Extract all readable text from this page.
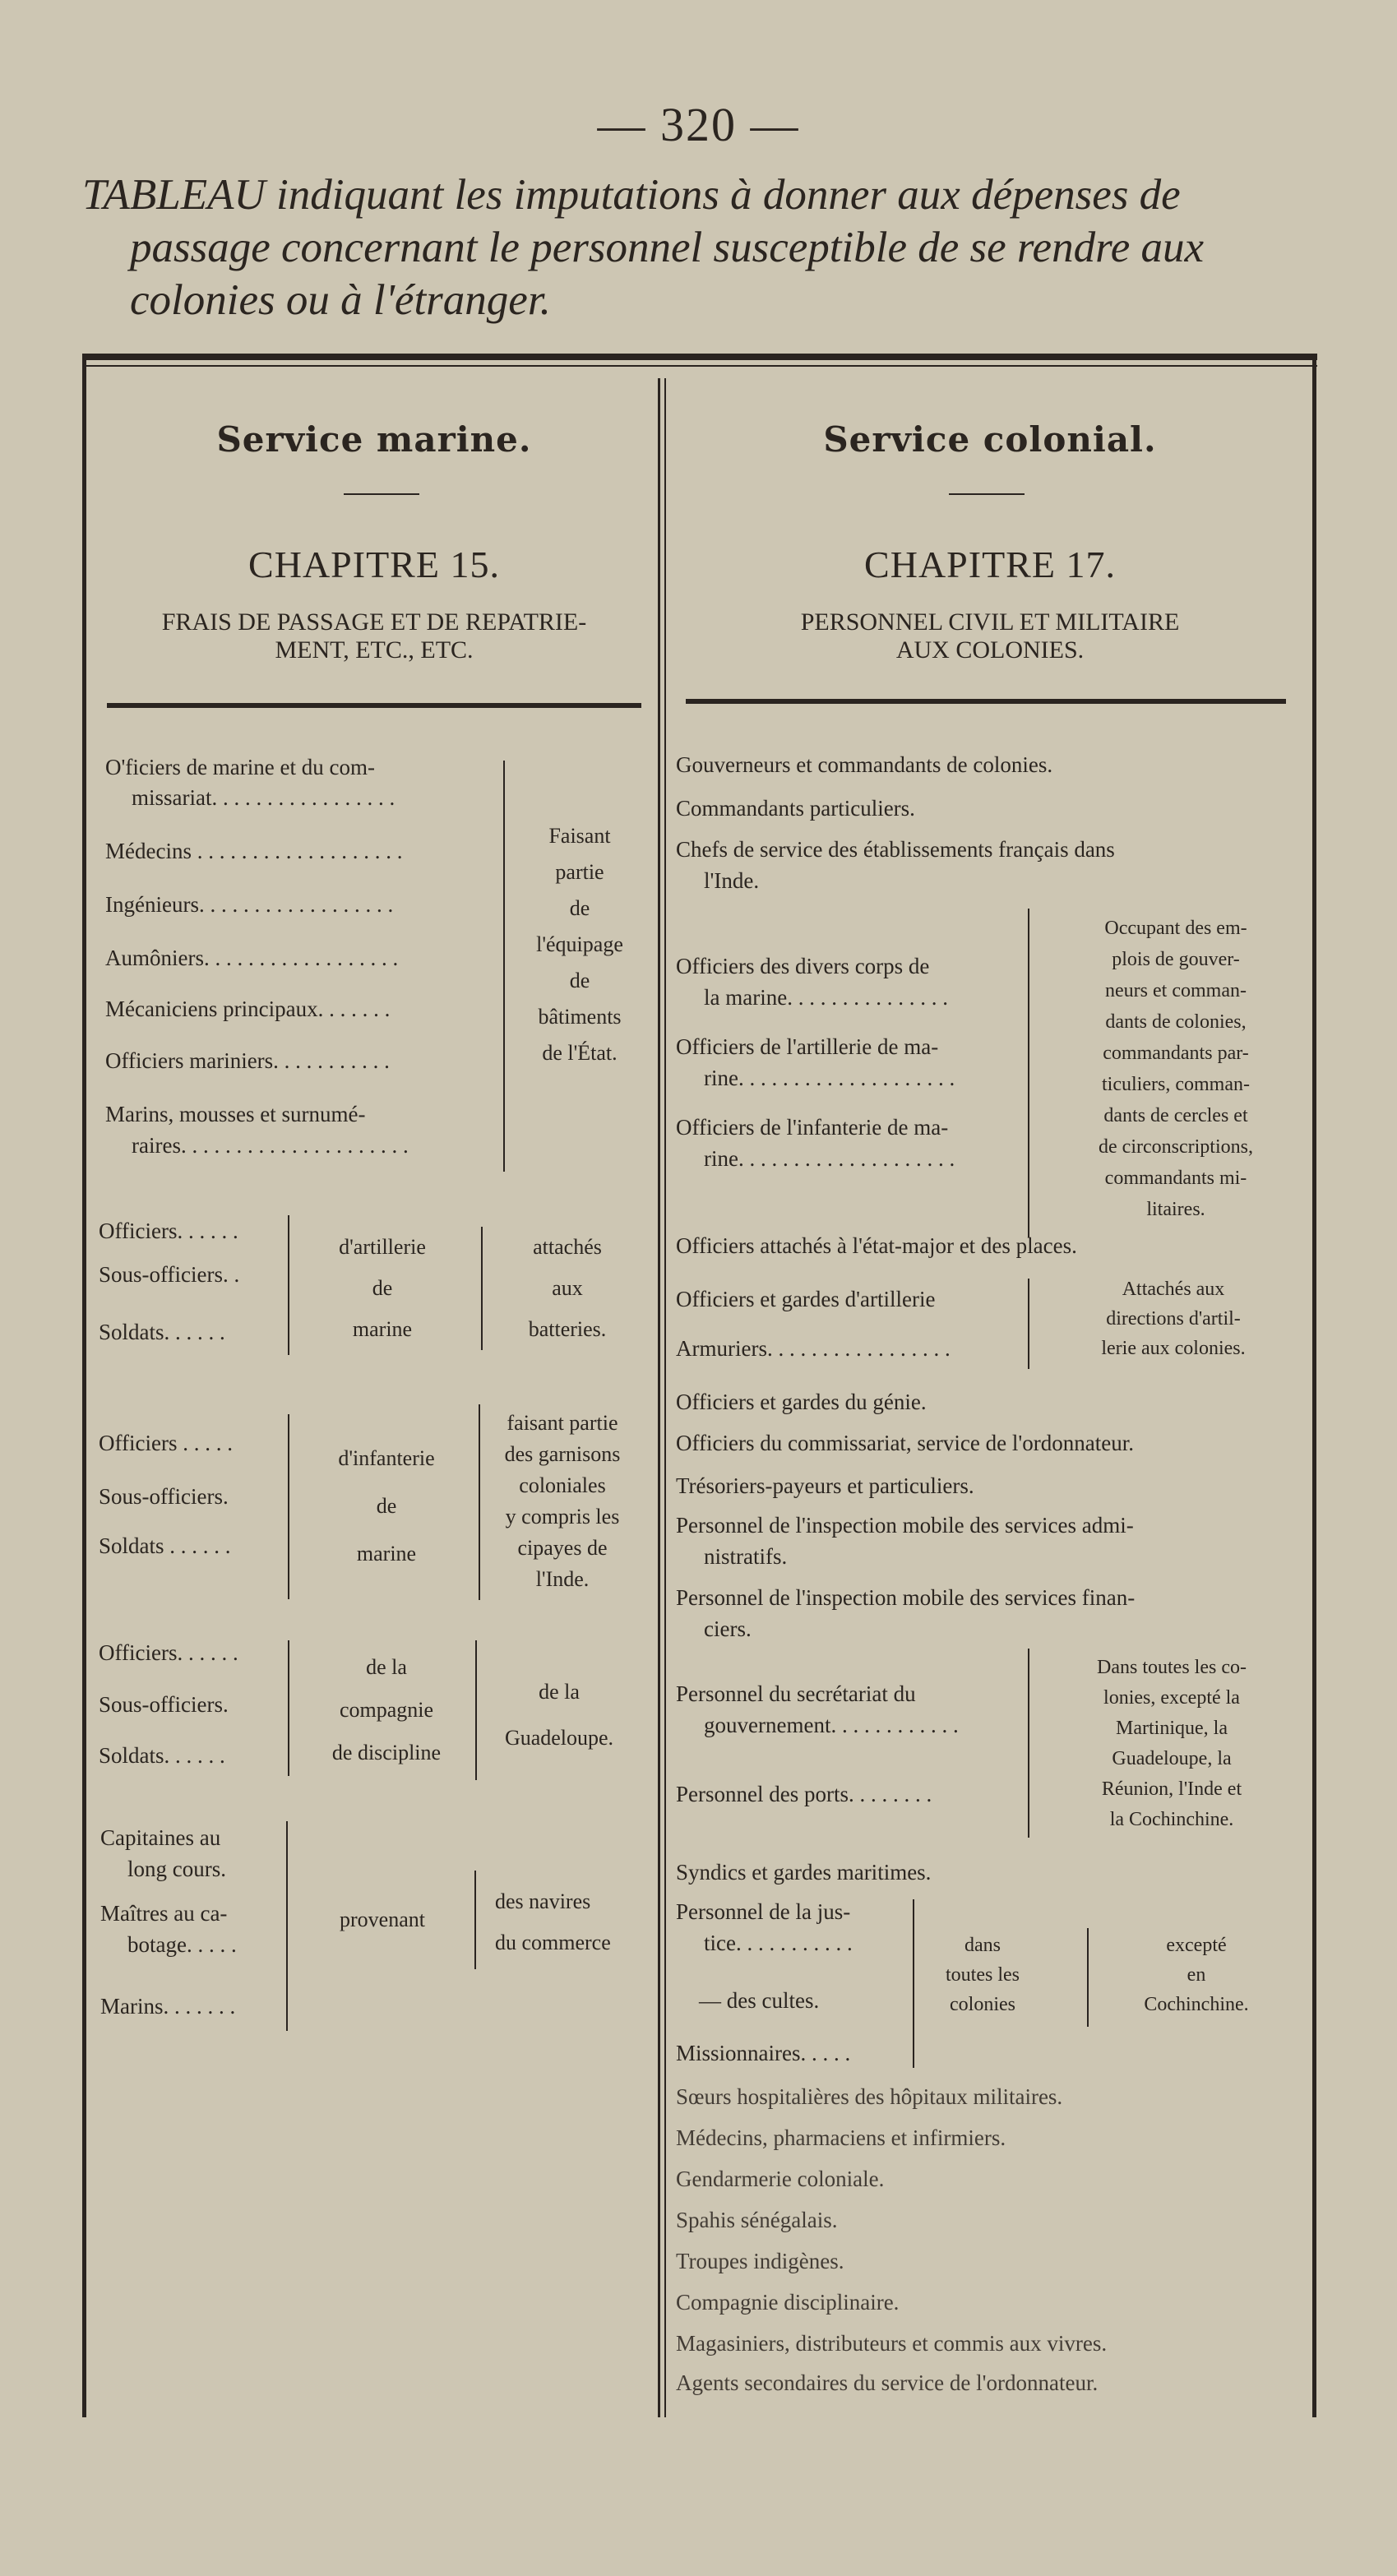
— 320 —
TABLEAU indiquant les imputations à donner aux dépenses de
passage concernant le personnel susceptible de se rendre aux
colonies ou à l'étranger.
Service marine.
CHAPITRE 15.
FRAIS DE PASSAGE ET DE REPATRIE-
MENT, ETC., ETC.
Service colonial.
CHAPITRE 17.
PERSONNEL CIVIL ET MILITAIRE
AUX COLONIES.
O'ficiers de marine et du com-
missariat. . . . . . . . . . . . . . . . .
Médecins . . . . . . . . . . . . . . . . . . .
Ingénieurs. . . . . . . . . . . . . . . . . .
Aumôniers. . . . . . . . . . . . . . . . . .
Mécaniciens principaux. . . . . . .
Officiers mariniers. . . . . . . . . . .
Marins, mousses et surnumé-
raires. . . . . . . . . . . . . . . . . . . . .
Faisant
partie
de
l'équipage
de
bâtiments
de l'État.
Officiers. . . . . .
Sous-officiers. .
Soldats. . . . . .
d'artillerie
de
marine
attachés
aux
batteries.
Officiers . . . . .
Sous-officiers.
Soldats . . . . . .
d'infanterie
de
marine
faisant partie
des garnisons
coloniales
y compris les
cipayes de
l'Inde.
Officiers. . . . . .
Sous-officiers.
Soldats. . . . . .
de la
compagnie
de discipline
de la
Guadeloupe.
Capitaines au
long cours.
Maîtres au ca-
botage. . . . .
Marins. . . . . . .
provenant
des navires
du commerce
Gouverneurs et commandants de colonies.
Commandants particuliers.
Chefs de service des établissements français dans
l'Inde.
Officiers des divers corps de
la marine. . . . . . . . . . . . . . .
Officiers de l'artillerie de ma-
rine. . . . . . . . . . . . . . . . . . . .
Officiers de l'infanterie de ma-
rine. . . . . . . . . . . . . . . . . . . .
Occupant des em-
plois de gouver-
neurs et comman-
dants de colonies,
commandants par-
ticuliers, comman-
dants de cercles et
de circonscriptions,
commandants mi-
litaires.
Officiers attachés à l'état-major et des places.
Officiers et gardes d'artillerie
Armuriers. . . . . . . . . . . . . . . . .
Attachés aux
directions d'artil-
lerie aux colonies.
Officiers et gardes du génie.
Officiers du commissariat, service de l'ordonnateur.
Trésoriers-payeurs et particuliers.
Personnel de l'inspection mobile des services admi-
nistratifs.
Personnel de l'inspection mobile des services finan-
ciers.
Personnel du secrétariat du
gouvernement. . . . . . . . . . . .
Personnel des ports. . . . . . . .
Dans toutes les co-
lonies, excepté la
Martinique, la
Guadeloupe, la
Réunion, l'Inde et
la Cochinchine.
Syndics et gardes maritimes.
Personnel de la jus-
tice. . . . . . . . . . .
— des cultes.
Missionnaires. . . . .
dans
toutes les
colonies
excepté
en
Cochinchine.
Sœurs hospitalières des hôpitaux militaires.
Médecins, pharmaciens et infirmiers.
Gendarmerie coloniale.
Spahis sénégalais.
Troupes indigènes.
Compagnie disciplinaire.
Magasiniers, distributeurs et commis aux vivres.
Agents secondaires du service de l'ordonnateur.
